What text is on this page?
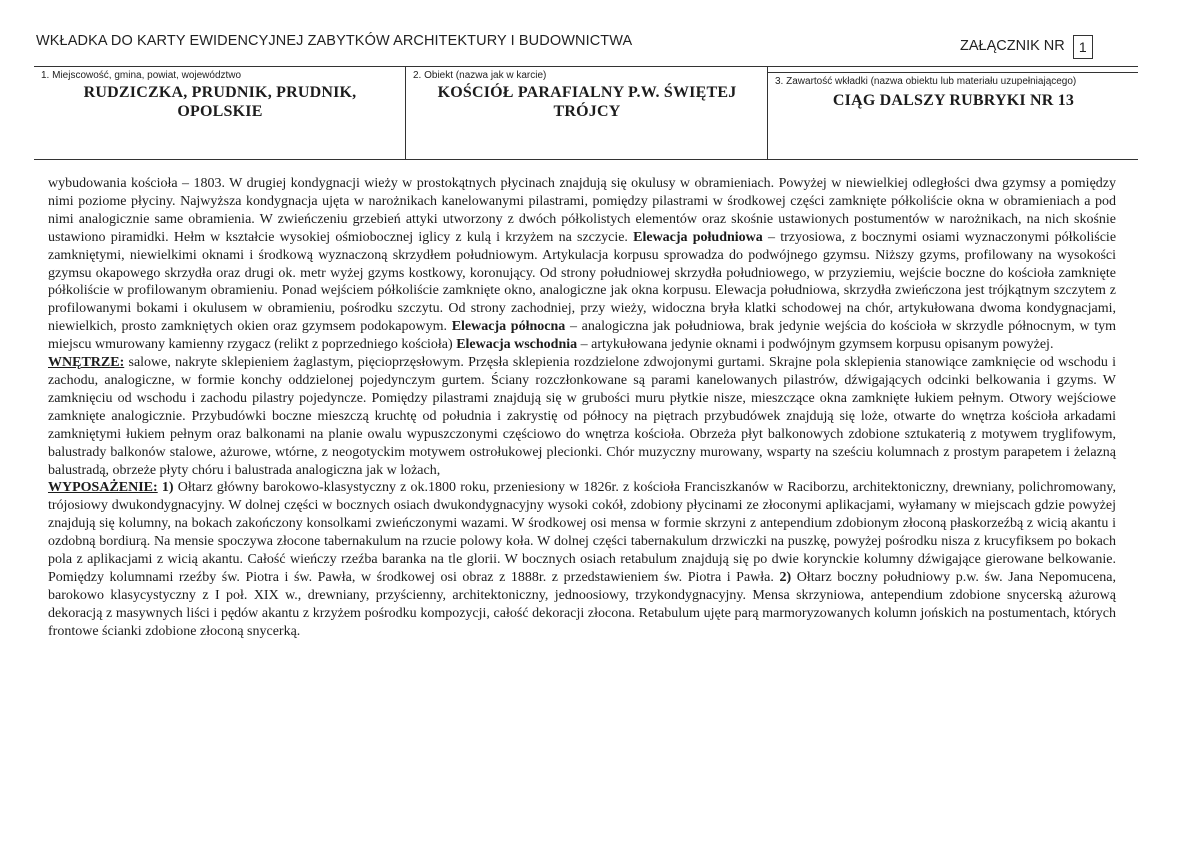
WKŁADKA DO KARTY EWIDENCYJNEJ ZABYTKÓW ARCHITEKTURY I BUDOWNICTWA	ZAŁĄCZNIK NR	1
1. Miejscowość, gmina, powiat, województwo
RUDZICZKA, PRUDNIK, PRUDNIK, OPOLSKIE
2. Obiekt (nazwa jak w karcie)
KOŚCIÓŁ PARAFIALNY P.W. ŚWIĘTEJ TRÓJCY
3. Zawartość wkładki (nazwa obiektu lub materiału uzupełniającego)
CIĄG DALSZY RUBRYKI NR 13

wybudowania kościoła – 1803. W drugiej kondygnacji wieży w prostokątnych płycinach znajdują się okulusy w obramieniach. Powyżej w niewielkiej odległości dwa gzymsy a pomiędzy nimi poziome płyciny. Najwyższa kondygnacja ujęta w narożnikach kanelowanymi pilastrami, pomiędzy pilastrami w środkowej części zamknięte półkoliście okna w obramieniach a pod nimi analogicznie same obramienia. W zwieńczeniu grzebień attyki utworzony z dwóch półkolistych elementów oraz skośnie ustawionych postumentów w narożnikach, na nich skośnie ustawiono piramidki. Hełm w kształcie wysokiej ośmiobocznej iglicy z kulą i krzyżem na szczycie. Elewacja południowa – trzyosiowa, z bocznymi osiami wyznaczonymi półkoliście zamkniętymi, niewielkimi oknami i środkową wyznaczoną skrzydłem południowym. Artykulacja korpusu sprowadza do podwójnego gzymsu. Niższy gzyms, profilowany na wysokości gzymsu okapowego skrzydła oraz drugi ok. metr wyżej gzyms kostkowy, koronujący. Od strony południowej skrzydła południowego, w przyziemiu, wejście boczne do kościoła zamknięte półkoliście w profilowanym obramieniu. Ponad wejściem półkoliście zamknięte okno, analogiczne jak okna korpusu. Elewacja południowa, skrzydła zwieńczona jest trójkątnym szczytem z profilowanymi bokami i okulusem w obramieniu, pośrodku szczytu. Od strony zachodniej, przy wieży, widoczna bryła klatki schodowej na chór, artykułowana dwoma kondygnacjami, niewielkich, prosto zamkniętych okien oraz gzymsem podokapowym. Elewacja północna – analogiczna jak południowa, brak jedynie wejścia do kościoła w skrzydle północnym, w tym miejscu wmurowany kamienny rzygacz (relikt z poprzedniego kościoła) Elewacja wschodnia – artykułowana jedynie oknami i podwójnym gzymsem korpusu opisanym powyżej.

WNĘTRZE: salowe, nakryte sklepieniem żaglastym, pięcioprzęsłowym. Przęsła sklepienia rozdzielone zdwojonymi gurtami. Skrajne pola sklepienia stanowiące zamknięcie od wschodu i zachodu, analogiczne, w formie konchy oddzielonej pojedynczym gurtem. Ściany rozczłonkowane są parami kanelowanych pilastrów, dźwigających odcinki belkowania i gzyms. W zamknięciu od wschodu i zachodu pilastry pojedyncze. Pomiędzy pilastrami znajdują się w grubości muru płytkie nisze, mieszczące okna zamknięte łukiem pełnym. Otwory wejściowe zamknięte analogicznie. Przybudówki boczne mieszczą kruchtę od południa i zakrystię od północy na piętrach przybudówek znajdują się loże, otwarte do wnętrza kościoła arkadami zamkniętymi łukiem pełnym oraz balkonami na planie owalu wypuszczonymi częściowo do wnętrza kościoła. Obrzeża płyt balkonowych zdobione sztukaterią z motywem tryglifowym, balustrady balkonów stalowe, ażurowe, wtórne, z neogotyckim motywem ostrołukowej plecionki. Chór muzyczny murowany, wsparty na sześciu kolumnach z prostym parapetem i żelazną balustradą, obrzeże płyty chóru i balustrada analogiczna jak w lożach,

WYPOSAŻENIE: 1) Ołtarz główny barokowo-klasystyczny z ok.1800 roku, przeniesiony w 1826r. z kościoła Franciszkanów w Raciborzu, architektoniczny, drewniany, polichromowany, trójosiowy dwukondygnacyjny. W dolnej części w bocznych osiach dwukondygnacyjny wysoki cokół, zdobiony płycinami ze złoconymi aplikacjami, wyłamany w miejscach gdzie powyżej znajdują się kolumny, na bokach zakończony konsolkami zwieńczonymi wazami. W środkowej osi mensa w formie skrzyni z antependium zdobionym złoconą płaskorzeźbą z wicią akantu i ozdobną bordiurą. Na mensie spoczywa złocone tabernakulum na rzucie polowy koła. W dolnej części tabernakulum drzwiczki na puszkę, powyżej pośrodku nisza z krucyfiksem po bokach pola z aplikacjami z wicią akantu. Całość wieńczy rzeźba baranka na tle glorii. W bocznych osiach retabulum znajdują się po dwie korynckie kolumny dźwigające gierowane belkowanie. Pomiędzy kolumnami rzeźby św. Piotra i św. Pawła, w środkowej osi obraz z 1888r. z przedstawieniem św. Piotra i Pawła. 2) Ołtarz boczny południowy p.w. św. Jana Nepomucena, barokowo klasycystyczny z I poł. XIX w., drewniany, przyścienny, architektoniczny, jednoosiowy, trzykondygnacyjny. Mensa skrzyniowa, antependium zdobione snycerską ażurową dekoracją z masywnych liści i pędów akantu z krzyżem pośrodku kompozycji, całość dekoracji złocona. Retabulum ujęte parą marmoryzowanych kolumn jońskich na postumentach, których frontowe ścianki zdobione złoconą snycerką.
